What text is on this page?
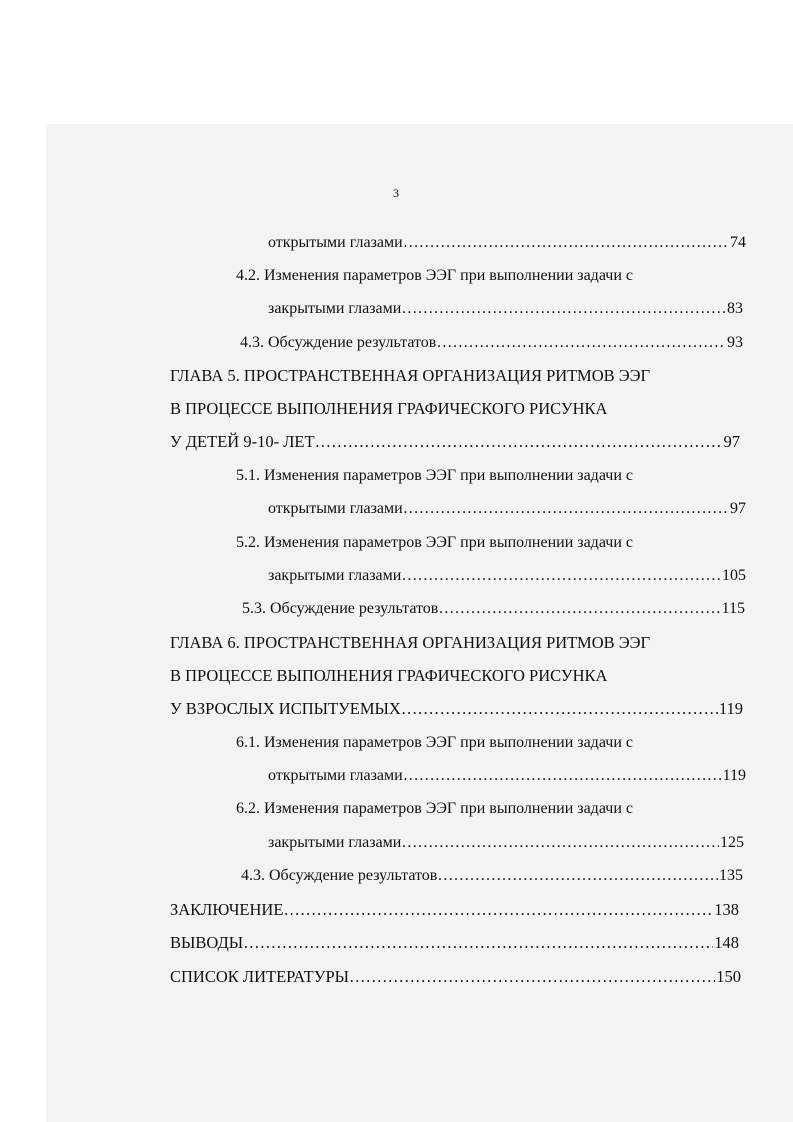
3
открытыми глазами …………………………………………………………………………………………………………………………………………………………………	74
4.2. Изменения параметров ЭЭГ при выполнении задачи с
закрытыми глазами …………………………………………………………………………………………………………………………………………………………………	83
4.3. Обсуждение результатов …………………………………………………………………………………………………………………………………………………………………	93
ГЛАВА 5. ПРОСТРАНСТВЕННАЯ ОРГАНИЗАЦИЯ РИТМОВ ЭЭГ
В ПРОЦЕССЕ ВЫПОЛНЕНИЯ ГРАФИЧЕСКОГО РИСУНКА
У ДЕТЕЙ 9-10- ЛЕТ …………………………………………………………………………………………………………………………………………………………………	97
5.1. Изменения параметров ЭЭГ при выполнении задачи с
открытыми глазами …………………………………………………………………………………………………………………………………………………………………	97
5.2. Изменения параметров ЭЭГ при выполнении задачи с
закрытыми глазами …………………………………………………………………………………………………………………………………………………………………	105
5.3. Обсуждение результатов …………………………………………………………………………………………………………………………………………………………………	115
ГЛАВА 6. ПРОСТРАНСТВЕННАЯ ОРГАНИЗАЦИЯ РИТМОВ ЭЭГ
В ПРОЦЕССЕ ВЫПОЛНЕНИЯ ГРАФИЧЕСКОГО РИСУНКА
У ВЗРОСЛЫХ ИСПЫТУЕМЫХ …………………………………………………………………………………………………………………………………………………………………	119
6.1. Изменения параметров ЭЭГ при выполнении задачи с
открытыми глазами …………………………………………………………………………………………………………………………………………………………………	119
6.2. Изменения параметров ЭЭГ при выполнении задачи с
закрытыми глазами …………………………………………………………………………………………………………………………………………………………………	125
4.3. Обсуждение результатов …………………………………………………………………………………………………………………………………………………………………	135
ЗАКЛЮЧЕНИЕ …………………………………………………………………………………………………………………………………………………………………	138
ВЫВОДЫ …………………………………………………………………………………………………………………………………………………………………	148
СПИСОК ЛИТЕРАТУРЫ …………………………………………………………………………………………………………………………………………………………………	150
